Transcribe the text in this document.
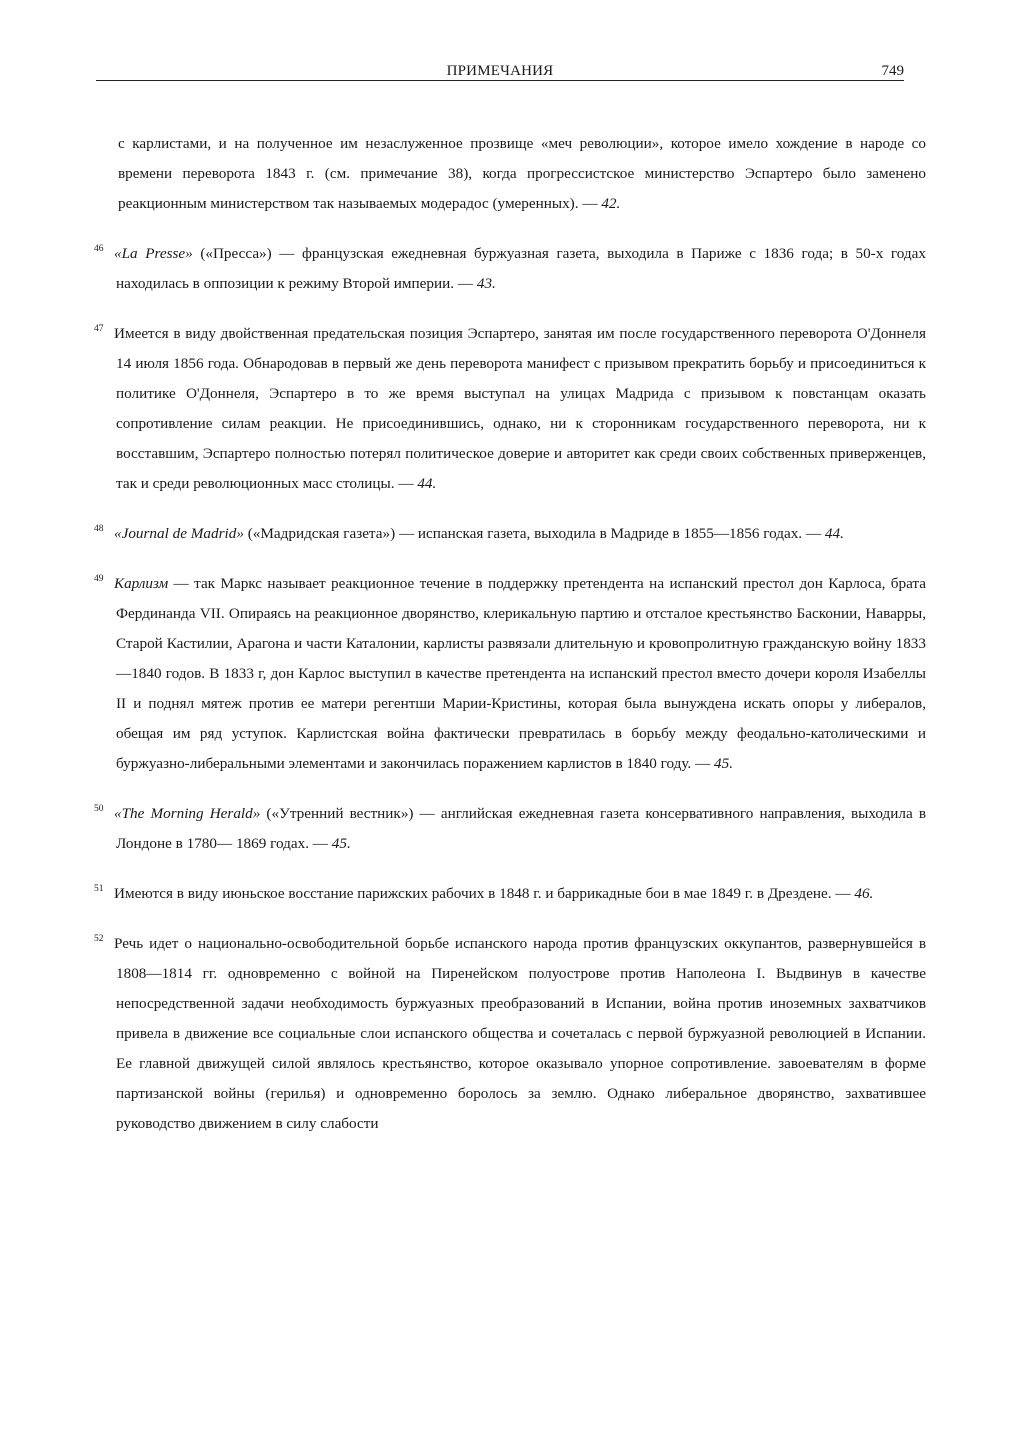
ПРИМЕЧАНИЯ	749
с карлистами, и на полученное им незаслуженное прозвище «меч революции», которое имело хождение в народе со времени переворота 1843 г. (см. примечание 38), когда прогрессистское министерство Эспартеро было заменено реакционным министерством так называемых модерадос (умеренных). — 42.
46 «La Presse» («Пресса») — французская ежедневная буржуазная газета, выходила в Париже с 1836 года; в 50-х годах находилась в оппозиции к режиму Второй империи. — 43.
47 Имеется в виду двойственная предательская позиция Эспартеро, занятая им после государственного переворота О'Доннеля 14 июля 1856 года. Обнародовав в первый же день переворота манифест с призывом прекратить борьбу и присоединиться к политике О'Доннеля, Эспартеро в то же время выступал на улицах Мадрида с призывом к повстанцам оказать сопротивление силам реакции. Не присоединившись, однако, ни к сторонникам государственного переворота, ни к восставшим, Эспартеро полностью потерял политическое доверие и авторитет как среди своих собственных приверженцев, так и среди революционных масс столицы. — 44.
48 «Journal de Madrid» («Мадридская газета») — испанская газета, выходила в Мадриде в 1855—1856 годах. — 44.
49 Карлизм — так Маркс называет реакционное течение в поддержку претендента на испанский престол дон Карлоса, брата Фердинанда VII. Опираясь на реакционное дворянство, клерикальную партию и отсталое крестьянство Басконии, Наварры, Старой Кастилии, Арагона и части Каталонии, карлисты развязали длительную и кровопролитную гражданскую войну 1833—1840 годов. В 1833 г, дон Карлос выступил в качестве претендента на испанский престол вместо дочери короля Изабеллы II и поднял мятеж против ее матери регентши Марии-Кристины, которая была вынуждена искать опоры у либералов, обещая им ряд уступок. Карлистская война фактически превратилась в борьбу между феодально-католическими и буржуазно-либеральными элементами и закончилась поражением карлистов в 1840 году. — 45.
50 «The Morning Herald» («Утренний вестник») — английская ежедневная газета консервативного направления, выходила в Лондоне в 1780— 1869 годах. — 45.
51 Имеются в виду июньское восстание парижских рабочих в 1848 г. и баррикадные бои в мае 1849 г. в Дрездене. — 46.
52 Речь идет о национально-освободительной борьбе испанского народа против французских оккупантов, развернувшейся в 1808—1814 гг. одновременно с войной на Пиренейском полуострове против Наполеона I. Выдвинув в качестве непосредственной задачи необходимость буржуазных преобразований в Испании, война против иноземных захватчиков привела в движение все социальные слои испанского общества и сочеталась с первой буржуазной революцией в Испании. Ее главной движущей силой являлось крестьянство, которое оказывало упорное сопротивление. завоевателям в форме партизанской войны (герилья) и одновременно боролось за землю. Однако либеральное дворянство, захватившее руководство движением в силу слабости
